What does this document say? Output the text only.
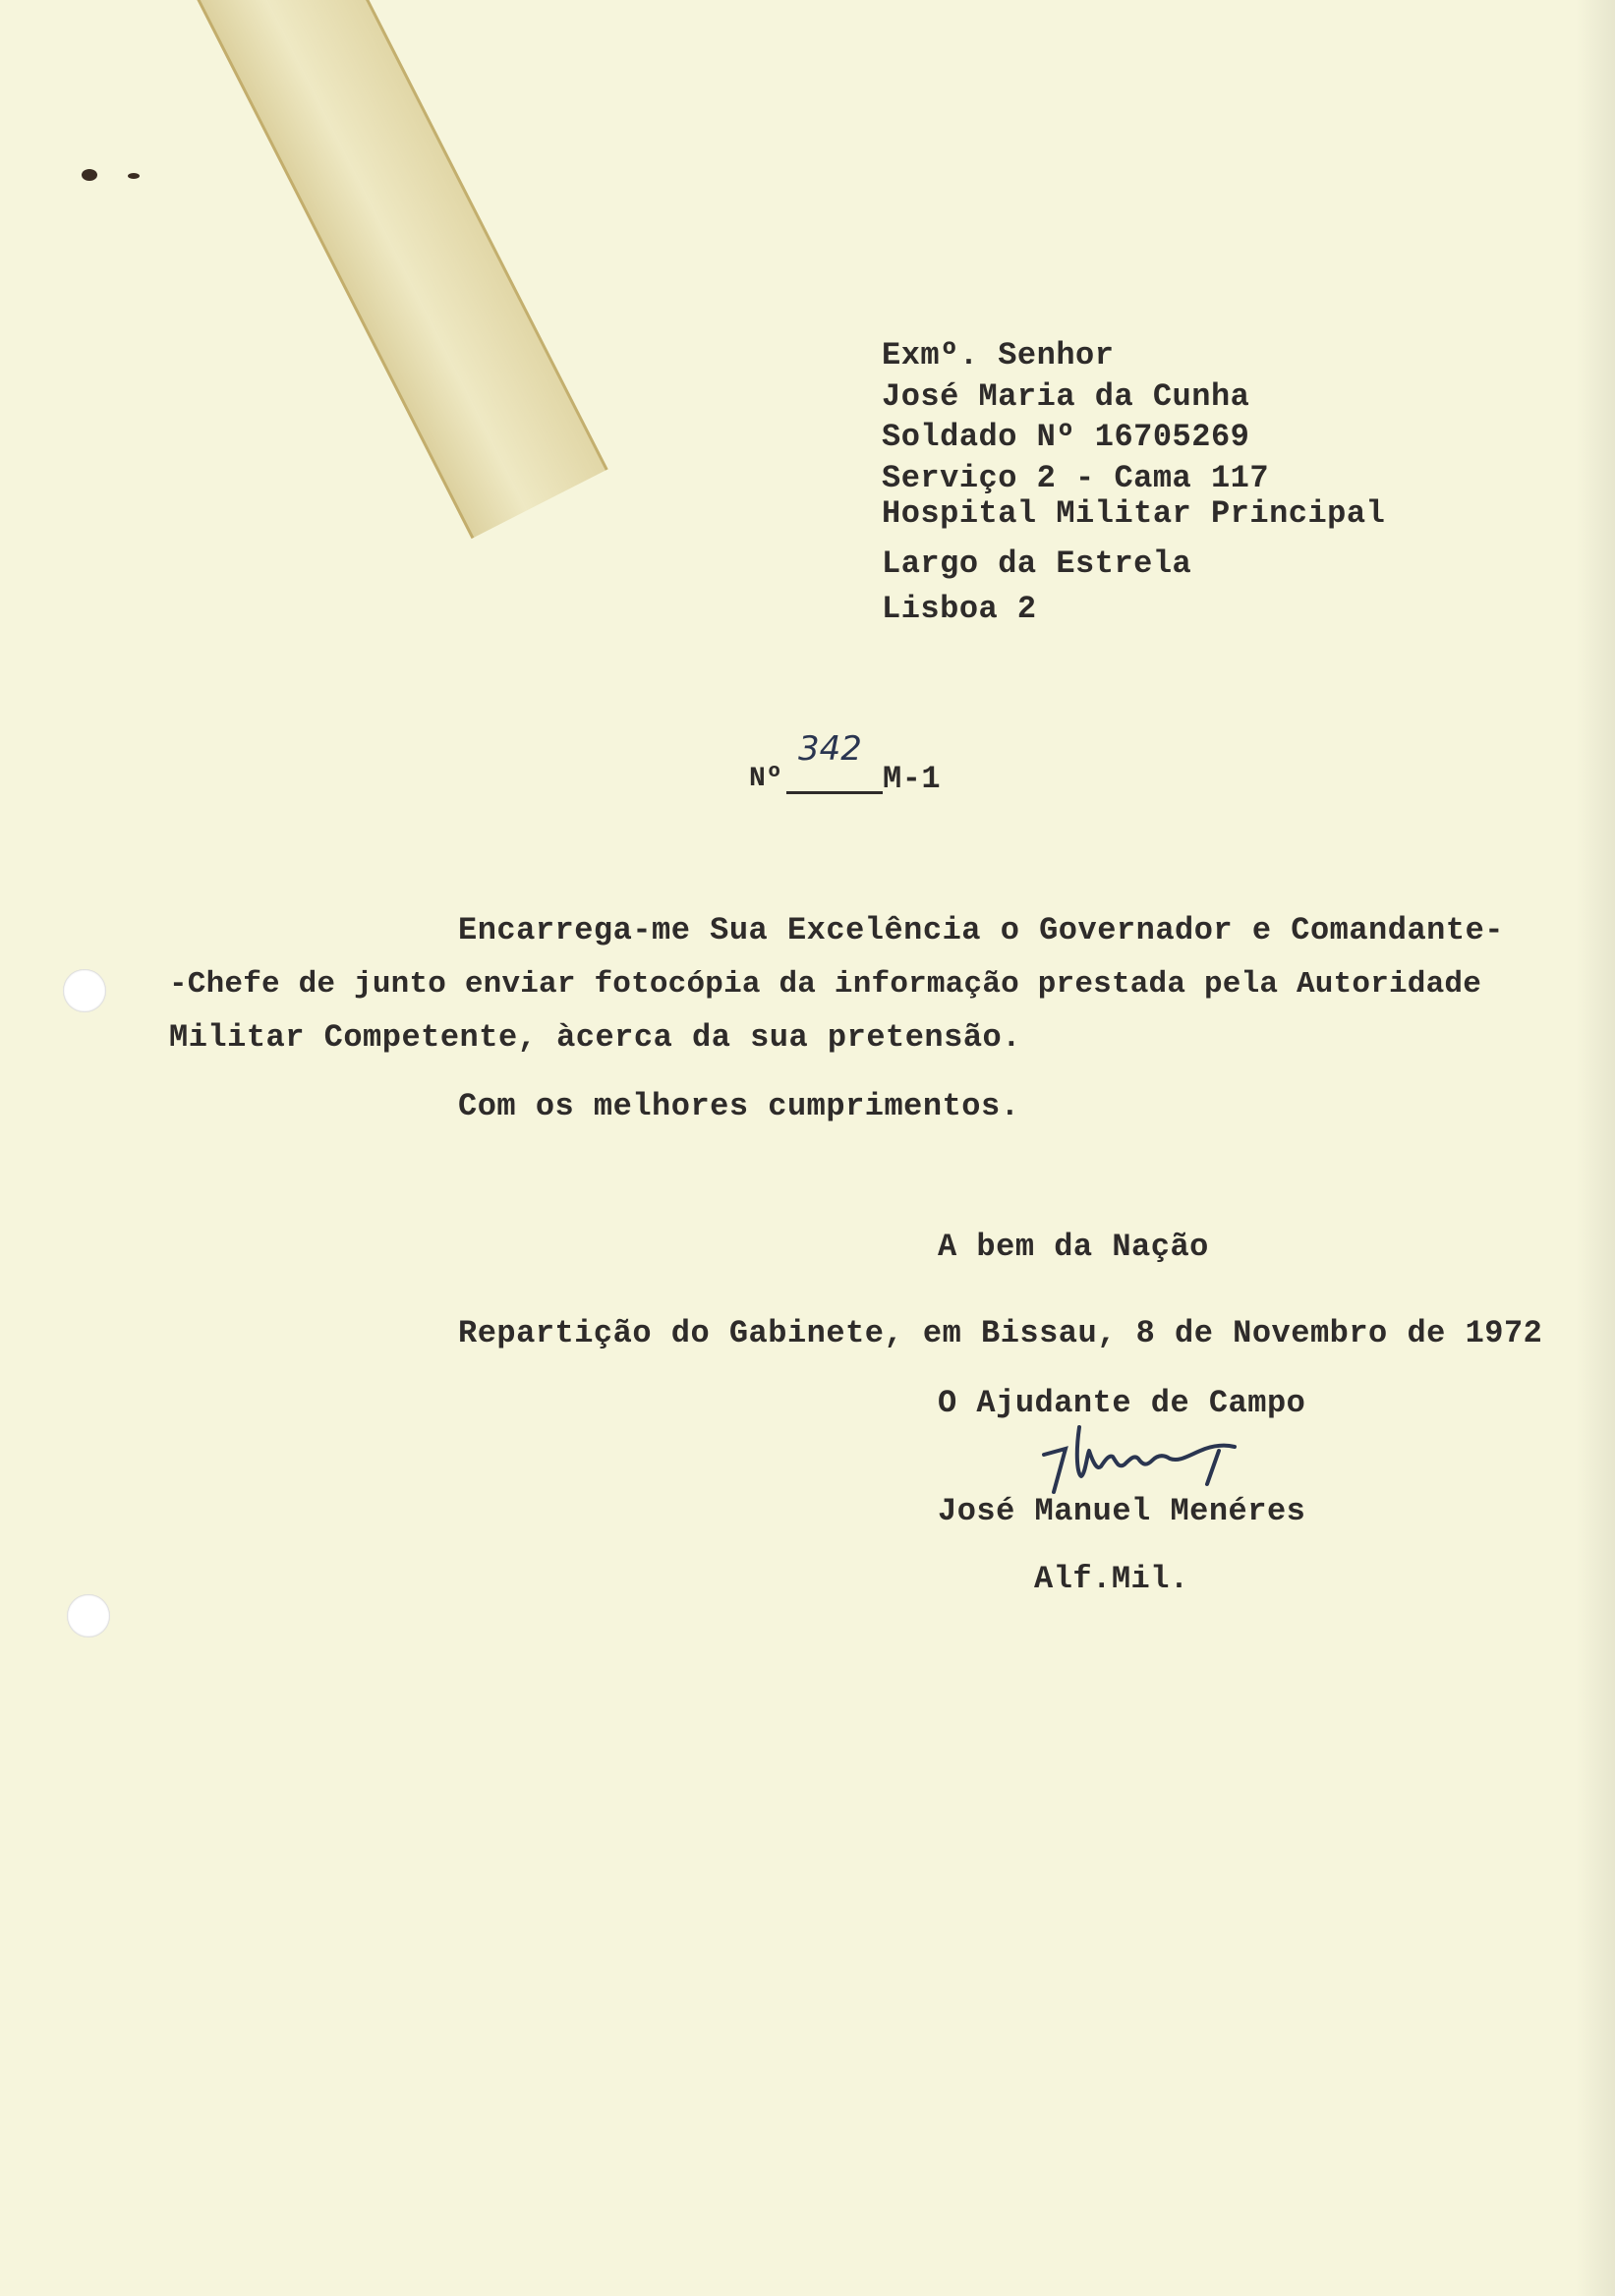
Exmº. Senhor
José Maria da Cunha
Soldado Nº 16705269
Serviço 2 - Cama 117
Hospital Militar Principal
Largo da Estrela
Lisboa 2
Nº
342
M-1
Encarrega-me Sua Excelência o Governador e Comandante-
-Chefe de junto enviar fotocópia da informação prestada pela Autoridade
Militar Competente, àcerca da sua pretensão.
Com os melhores cumprimentos.
A bem da Nação
Repartição do Gabinete, em Bissau, 8 de Novembro de 1972
O Ajudante de Campo
José Manuel Menéres
Alf.Mil.
